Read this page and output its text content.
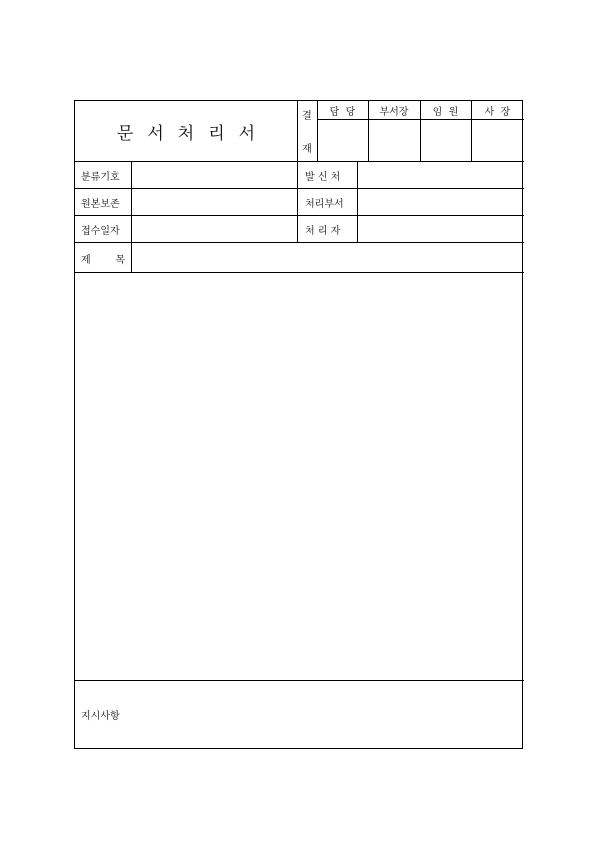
문 서 처 리 서
결
재
담  당 부서장 임  원	사  장
분류기호
원본보존
접수일자
제 목
발 신 처
처리부서
처 리 자
지시사항
